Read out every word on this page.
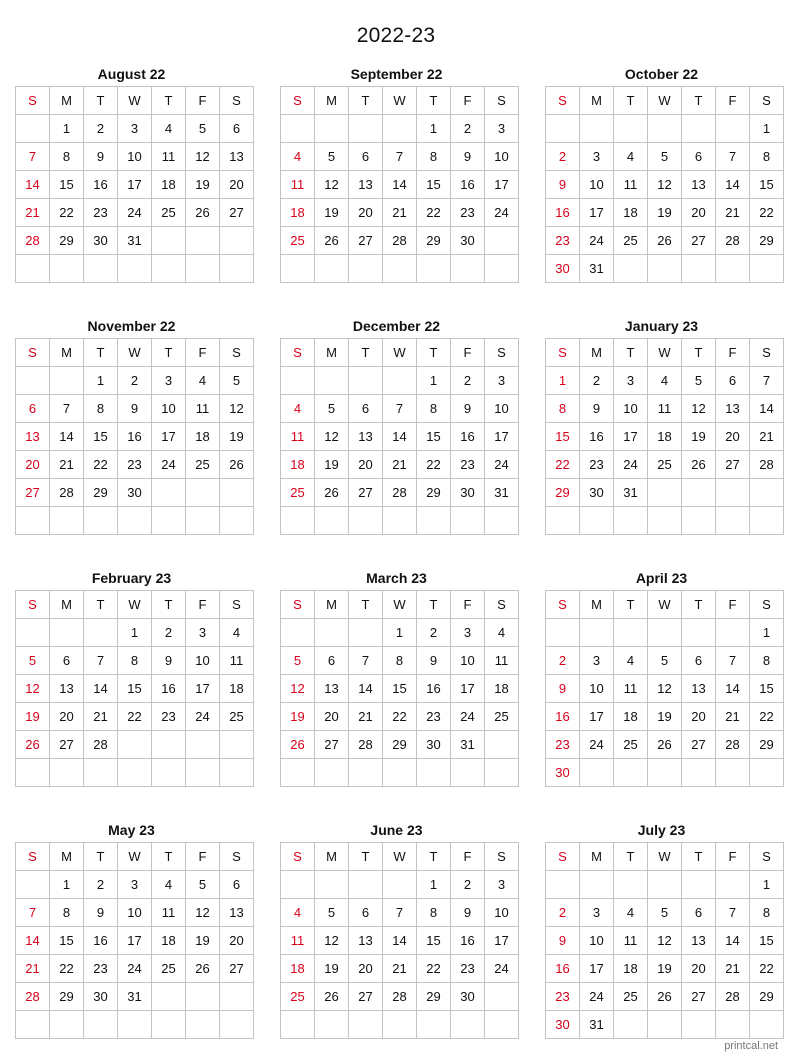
2022-23
August 22
S	M	T	W	T	F	S
	1	2	3	4	5	6
7	8	9	10	11	12	13
14	15	16	17	18	19	20
21	22	23	24	25	26	27
28	29	30	31			

September 22
S	M	T	W	T	F	S
				1	2	3
4	5	6	7	8	9	10
11	12	13	14	15	16	17
18	19	20	21	22	23	24
25	26	27	28	29	30	

October 22
S	M	T	W	T	F	S
						1
2	3	4	5	6	7	8
9	10	11	12	13	14	15
16	17	18	19	20	21	22
23	24	25	26	27	28	29
30	31					
November 22
S	M	T	W	T	F	S
		1	2	3	4	5
6	7	8	9	10	11	12
13	14	15	16	17	18	19
20	21	22	23	24	25	26
27	28	29	30			

December 22
S	M	T	W	T	F	S
				1	2	3
4	5	6	7	8	9	10
11	12	13	14	15	16	17
18	19	20	21	22	23	24
25	26	27	28	29	30	31

January 23
S	M	T	W	T	F	S
1	2	3	4	5	6	7
8	9	10	11	12	13	14
15	16	17	18	19	20	21
22	23	24	25	26	27	28
29	30	31				

February 23
S	M	T	W	T	F	S
			1	2	3	4
5	6	7	8	9	10	11
12	13	14	15	16	17	18
19	20	21	22	23	24	25
26	27	28				

March 23
S	M	T	W	T	F	S
			1	2	3	4
5	6	7	8	9	10	11
12	13	14	15	16	17	18
19	20	21	22	23	24	25
26	27	28	29	30	31	

April 23
S	M	T	W	T	F	S
						1
2	3	4	5	6	7	8
9	10	11	12	13	14	15
16	17	18	19	20	21	22
23	24	25	26	27	28	29
30						
May 23
S	M	T	W	T	F	S
	1	2	3	4	5	6
7	8	9	10	11	12	13
14	15	16	17	18	19	20
21	22	23	24	25	26	27
28	29	30	31			

June 23
S	M	T	W	T	F	S
				1	2	3
4	5	6	7	8	9	10
11	12	13	14	15	16	17
18	19	20	21	22	23	24
25	26	27	28	29	30	

July 23
S	M	T	W	T	F	S
						1
2	3	4	5	6	7	8
9	10	11	12	13	14	15
16	17	18	19	20	21	22
23	24	25	26	27	28	29
30	31					
printcal.net
